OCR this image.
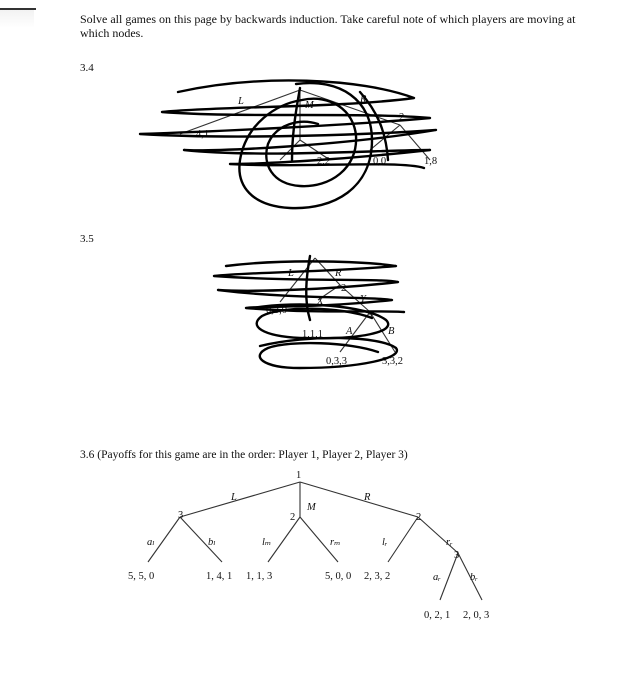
Solve all games on this page by backwards induction. Take careful note of which players are moving at which nodes.
3.4
3.5
3.6 (Payoffs for this game are in the order: Player 1, Player 2, Player 3)
L	M
R
2
4,1
2,2	0,0	1,8
L	R
X	Y
A	B
2
3
0,3,0
1,1,1
0,3,3	3,3,2
1
3	2	2
3
L
M
R
aₗ	bₗ	lₘ	rₘ	lᵣ	rᵣ
aᵣ	bᵣ
5, 5, 0	1, 4, 1 1, 1, 3	5, 0, 0 2, 3, 2
0, 2, 1 2, 0, 3
